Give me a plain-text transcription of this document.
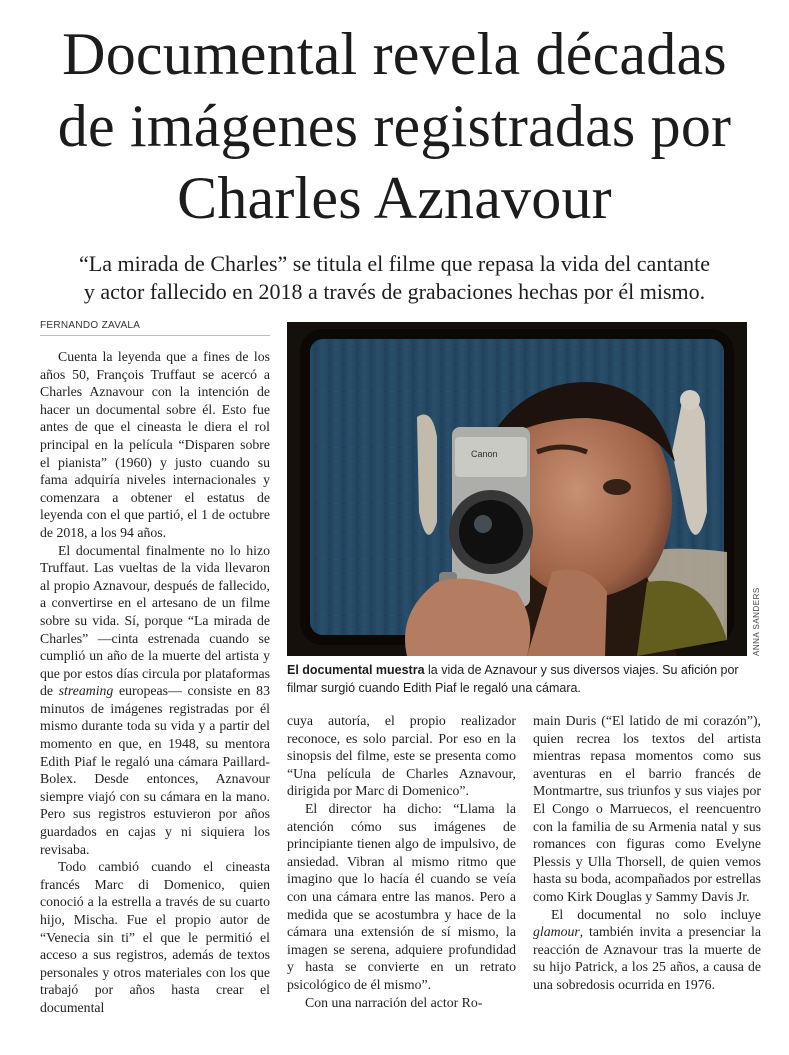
Documental revela décadas
de imágenes registradas por
Charles Aznavour

“La mirada de Charles” se titula el filme que repasa la vida del cantante
y actor fallecido en 2018 a través de grabaciones hechas por él mismo.

FERNANDO ZAVALA

Cuenta la leyenda que a fines de los años 50, François Truffaut se acercó a Charles Aznavour con la intención de hacer un documental sobre él. Esto fue antes de que el cineasta le diera el rol principal en la película “Disparen sobre el pianista” (1960) y justo cuando su fama adquiría niveles internacionales y comenzara a obtener el estatus de leyenda con el que partió, el 1 de octubre de 2018, a los 94 años.

El documental finalmente no lo hizo Truffaut. Las vueltas de la vida llevaron al propio Aznavour, después de fallecido, a convertirse en el artesano de un filme sobre su vida. Sí, porque “La mirada de Charles” —cinta estrenada cuando se cumplió un año de la muerte del artista y que por estos días circula por plataformas de streaming europeas— consiste en 83 minutos de imágenes registradas por él mismo durante toda su vida y a partir del momento en que, en 1948, su mentora Edith Piaf le regaló una cámara Paillard-Bolex. Desde entonces, Aznavour siempre viajó con su cámara en la mano. Pero sus registros estuvieron por años guardados en cajas y ni siquiera los revisaba.

Todo cambió cuando el cineasta francés Marc di Domenico, quien conoció a la estrella a través de su cuarto hijo, Mischa. Fue el propio autor de “Venecia sin ti” el que le permitió el acceso a sus registros, además de textos personales y otros materiales con los que trabajó por años hasta crear el documental

Canon
ANNA SANDERS

El documental muestra la vida de Aznavour y sus diversos viajes. Su afición por filmar surgió cuando Edith Piaf le regaló una cámara.

cuya autoría, el propio realizador reconoce, es solo parcial. Por eso en la sinopsis del filme, este se presenta como “Una película de Charles Aznavour, dirigida por Marc di Domenico”.

El director ha dicho: “Llama la atención cómo sus imágenes de principiante tienen algo de impulsivo, de ansiedad. Vibran al mismo ritmo que imagino que lo hacía él cuando se veía con una cámara entre las manos. Pero a medida que se acostumbra y hace de la cámara una extensión de sí mismo, la imagen se serena, adquiere profundidad y hasta se convierte en un retrato psicológico de él mismo”.

Con una narración del actor Ro-

main Duris (“El latido de mi corazón”), quien recrea los textos del artista mientras repasa momentos como sus aventuras en el barrio francés de Montmartre, sus triunfos y sus viajes por El Congo o Marruecos, el reencuentro con la familia de su Armenia natal y sus romances con figuras como Evelyne Plessis y Ulla Thorsell, de quien vemos hasta su boda, acompañados por estrellas como Kirk Douglas y Sammy Davis Jr.

El documental no solo incluye glamour, también invita a presenciar la reacción de Aznavour tras la muerte de su hijo Patrick, a los 25 años, a causa de una sobredosis ocurrida en 1976.
